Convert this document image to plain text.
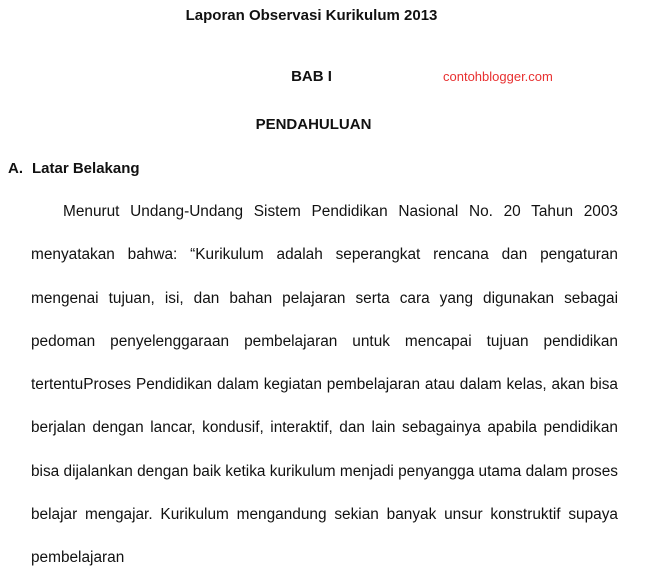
Laporan Observasi Kurikulum 2013
BAB I	contohblogger.com
PENDAHULUAN
A. Latar Belakang

Menurut Undang-Undang Sistem Pendidikan Nasional No. 20 Tahun 2003 menyatakan bahwa: “Kurikulum adalah seperangkat rencana dan pengaturan mengenai tujuan, isi, dan bahan pelajaran serta cara yang digunakan sebagai pedoman penyelenggaraan pembelajaran untuk mencapai tujuan pendidikan tertentuProses Pendidikan dalam kegiatan pembelajaran atau dalam kelas, akan bisa berjalan dengan lancar, kondusif, interaktif, dan lain sebagainya apabila pendidikan bisa dijalankan dengan baik ketika kurikulum menjadi penyangga utama dalam proses belajar mengajar. Kurikulum mengandung sekian banyak unsur konstruktif supaya pembelajaran
